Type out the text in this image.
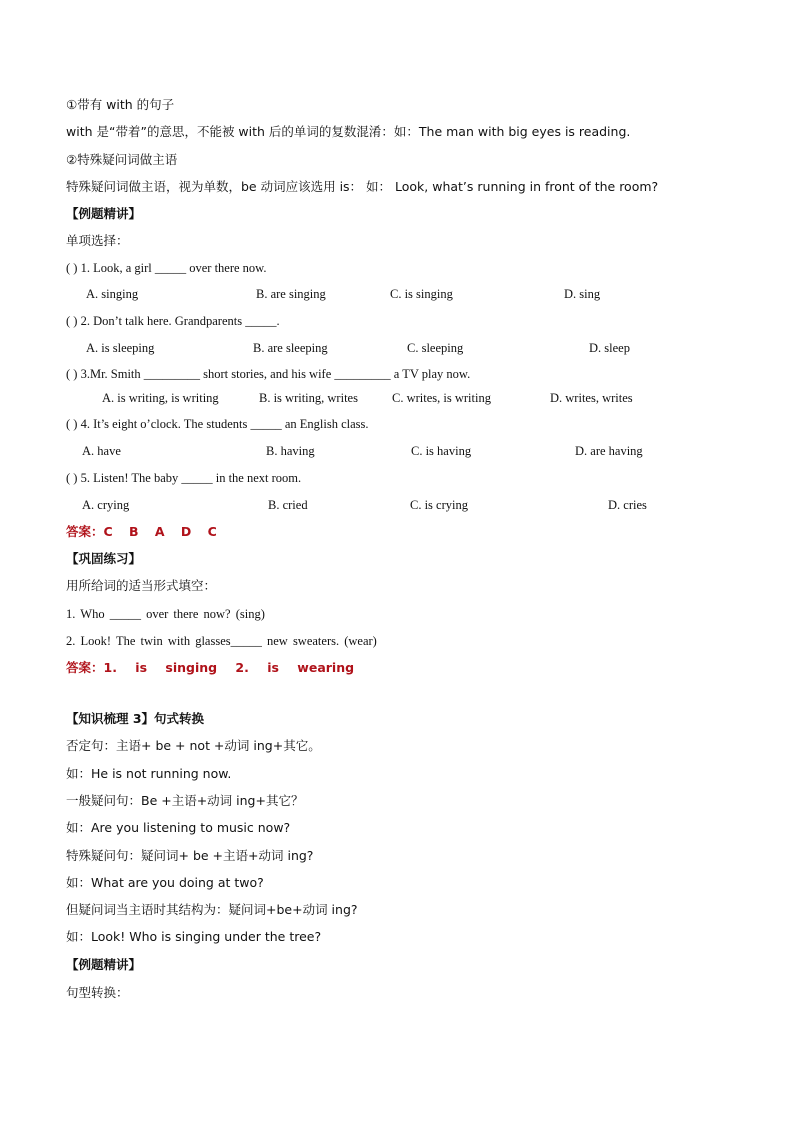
①带有 with 的句子
with 是“带着”的意思，不能被 with 后的单词的复数混淆：如：The man with big eyes is reading.
②特殊疑问词做主语
特殊疑问词做主语，视为单数，be 动词应该选用 is： 如： Look, what’s running in front of the room?
【例题精讲】
单项选择：
( ) 1. Look, a girl _____ over there now.
A. singing	B. are singing	C. is singing	D. sing
( ) 2. Don’t talk here. Grandparents _____.
A. is sleeping	B. are sleeping	C. sleeping	D. sleep
( ) 3.Mr. Smith _________ short stories, and his wife _________ a TV play now.
A. is writing, is writing	B. is writing, writes	C. writes, is writing	D. writes, writes
( ) 4. It’s eight o’clock. The students _____ an English class.
A. have	B. having	C. is having	D. are having
( ) 5. Listen! The baby _____ in the next room.
A. crying	B. cried	C. is crying	D. cries
答案：C B A D C
【巩固练习】
用所给词的适当形式填空：
1. Who _____ over there now? (sing)
2. Look! The twin with glasses_____ new sweaters. (wear)
答案：1. is singing 2. is wearing
【知识梳理 3】句式转换
否定句：主语+ be + not +动词 ing+其它。
如：He is not running now.
一般疑问句：Be +主语+动词 ing+其它？
如：Are you listening to music now?
特殊疑问句：疑问词+ be +主语+动词 ing?
如：What are you doing at two?
但疑问词当主语时其结构为：疑问词+be+动词 ing?
如：Look! Who is singing under the tree?
【例题精讲】
句型转换：
